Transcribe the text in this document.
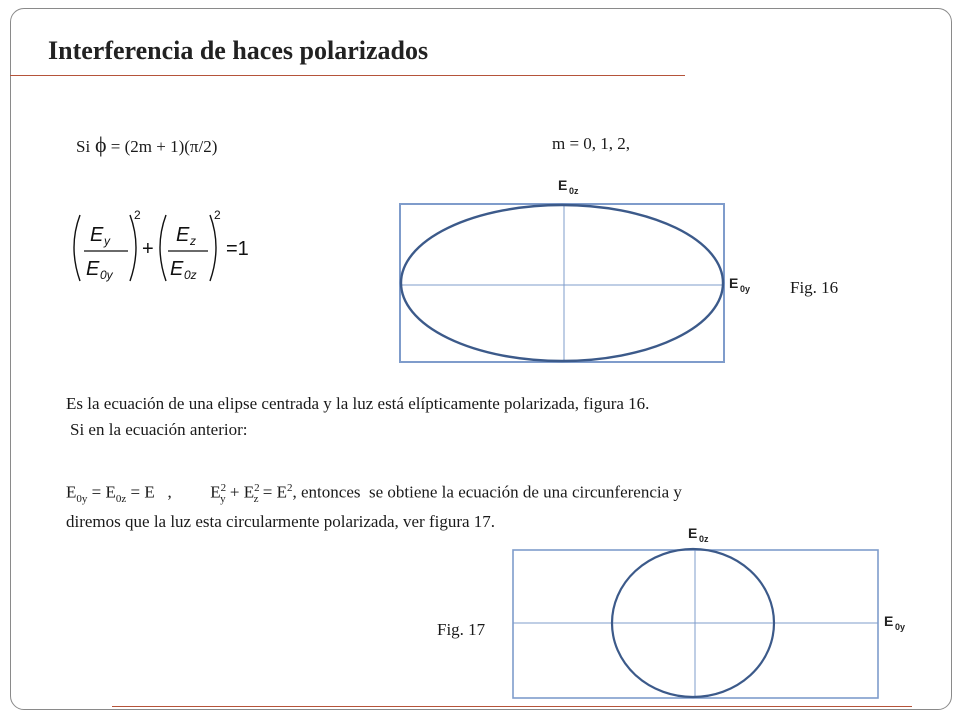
Interferencia de haces polarizados
Si ϕ = (2m + 1)(π/2)	m = 0, 1, 2,
E y
E 0y
2
+
E z
E 0z
2
=1
E 0z
E 0y Fig. 16
Es la ecuación de una elipse centrada y la luz está elípticamente polarizada, figura 16.
Si en la ecuación anterior:
$E_{0y} = E_{0z} = E$   , $E^2_y + E^2_z = E^2$, entonces  se obtiene la ecuación de una circunferencia y
diremos que la luz esta circularmente polarizada, ver figura 17.
E 0z
E 0y
Fig. 17
